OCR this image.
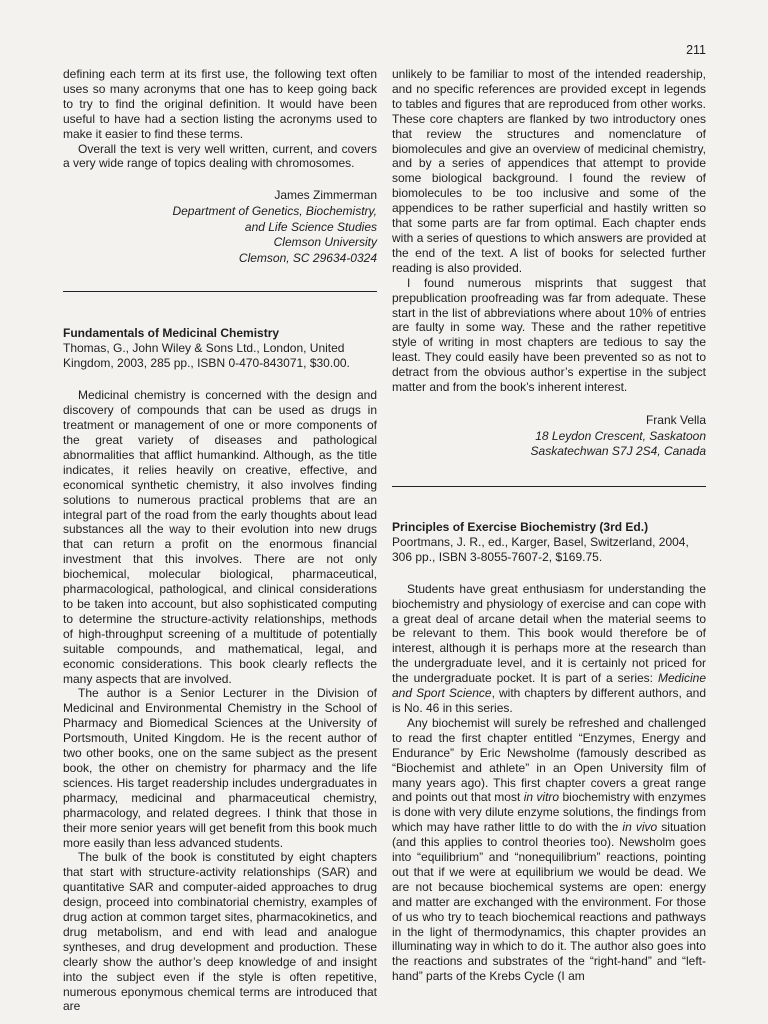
211

defining each term at its first use, the following text often uses so many acronyms that one has to keep going back to try to find the original definition. It would have been useful to have had a section listing the acronyms used to make it easier to find these terms.

Overall the text is very well written, current, and covers a very wide range of topics dealing with chromosomes.

James Zimmerman
Department of Genetics, Biochemistry,
and Life Science Studies
Clemson University
Clemson, SC 29634-0324
Fundamentals of Medicinal Chemistry
Thomas, G., John Wiley & Sons Ltd., London, United Kingdom, 2003, 285 pp., ISBN 0-470-843071, $30.00.

Medicinal chemistry is concerned with the design and discovery of compounds that can be used as drugs in treatment or management of one or more components of the great variety of diseases and pathological abnormalities that afflict humankind. Although, as the title indicates, it relies heavily on creative, effective, and economical synthetic chemistry, it also involves finding solutions to numerous practical problems that are an integral part of the road from the early thoughts about lead substances all the way to their evolution into new drugs that can return a profit on the enormous financial investment that this involves. There are not only biochemical, molecular biological, pharmaceutical, pharmacological, pathological, and clinical considerations to be taken into account, but also sophisticated computing to determine the structure-activity relationships, methods of high-throughput screening of a multitude of potentially suitable compounds, and mathematical, legal, and economic considerations. This book clearly reflects the many aspects that are involved.

The author is a Senior Lecturer in the Division of Medicinal and Environmental Chemistry in the School of Pharmacy and Biomedical Sciences at the University of Portsmouth, United Kingdom. He is the recent author of two other books, one on the same subject as the present book, the other on chemistry for pharmacy and the life sciences. His target readership includes undergraduates in pharmacy, medicinal and pharmaceutical chemistry, pharmacology, and related degrees. I think that those in their more senior years will get benefit from this book much more easily than less advanced students.

The bulk of the book is constituted by eight chapters that start with structure-activity relationships (SAR) and quantitative SAR and computer-aided approaches to drug design, proceed into combinatorial chemistry, examples of drug action at common target sites, pharmacokinetics, and drug metabolism, and end with lead and analogue syntheses, and drug development and production. These clearly show the author’s deep knowledge of and insight into the subject even if the style is often repetitive, numerous eponymous chemical terms are introduced that are

unlikely to be familiar to most of the intended readership, and no specific references are provided except in legends to tables and figures that are reproduced from other works. These core chapters are flanked by two introductory ones that review the structures and nomenclature of biomolecules and give an overview of medicinal chemistry, and by a series of appendices that attempt to provide some biological background. I found the review of biomolecules to be too inclusive and some of the appendices to be rather superficial and hastily written so that some parts are far from optimal. Each chapter ends with a series of questions to which answers are provided at the end of the text. A list of books for selected further reading is also provided.

I found numerous misprints that suggest that prepublication proofreading was far from adequate. These start in the list of abbreviations where about 10% of entries are faulty in some way. These and the rather repetitive style of writing in most chapters are tedious to say the least. They could easily have been prevented so as not to detract from the obvious author’s expertise in the subject matter and from the book’s inherent interest.

Frank Vella
18 Leydon Crescent, Saskatoon
Saskatechwan S7J 2S4, Canada
Principles of Exercise Biochemistry (3rd Ed.)
Poortmans, J. R., ed., Karger, Basel, Switzerland, 2004, 306 pp., ISBN 3-8055-7607-2, $169.75.

Students have great enthusiasm for understanding the biochemistry and physiology of exercise and can cope with a great deal of arcane detail when the material seems to be relevant to them. This book would therefore be of interest, although it is perhaps more at the research than the undergraduate level, and it is certainly not priced for the undergraduate pocket. It is part of a series: Medicine and Sport Science, with chapters by different authors, and is No. 46 in this series.

Any biochemist will surely be refreshed and challenged to read the first chapter entitled “Enzymes, Energy and Endurance” by Eric Newsholme (famously described as “Biochemist and athlete” in an Open University film of many years ago). This first chapter covers a great range and points out that most in vitro biochemistry with enzymes is done with very dilute enzyme solutions, the findings from which may have rather little to do with the in vivo situation (and this applies to control theories too). Newsholm goes into “equilibrium” and “nonequilibrium” reactions, pointing out that if we were at equilibrium we would be dead. We are not because biochemical systems are open: energy and matter are exchanged with the environment. For those of us who try to teach biochemical reactions and pathways in the light of thermodynamics, this chapter provides an illuminating way in which to do it. The author also goes into the reactions and substrates of the “right-hand” and “left-hand” parts of the Krebs Cycle (I am
